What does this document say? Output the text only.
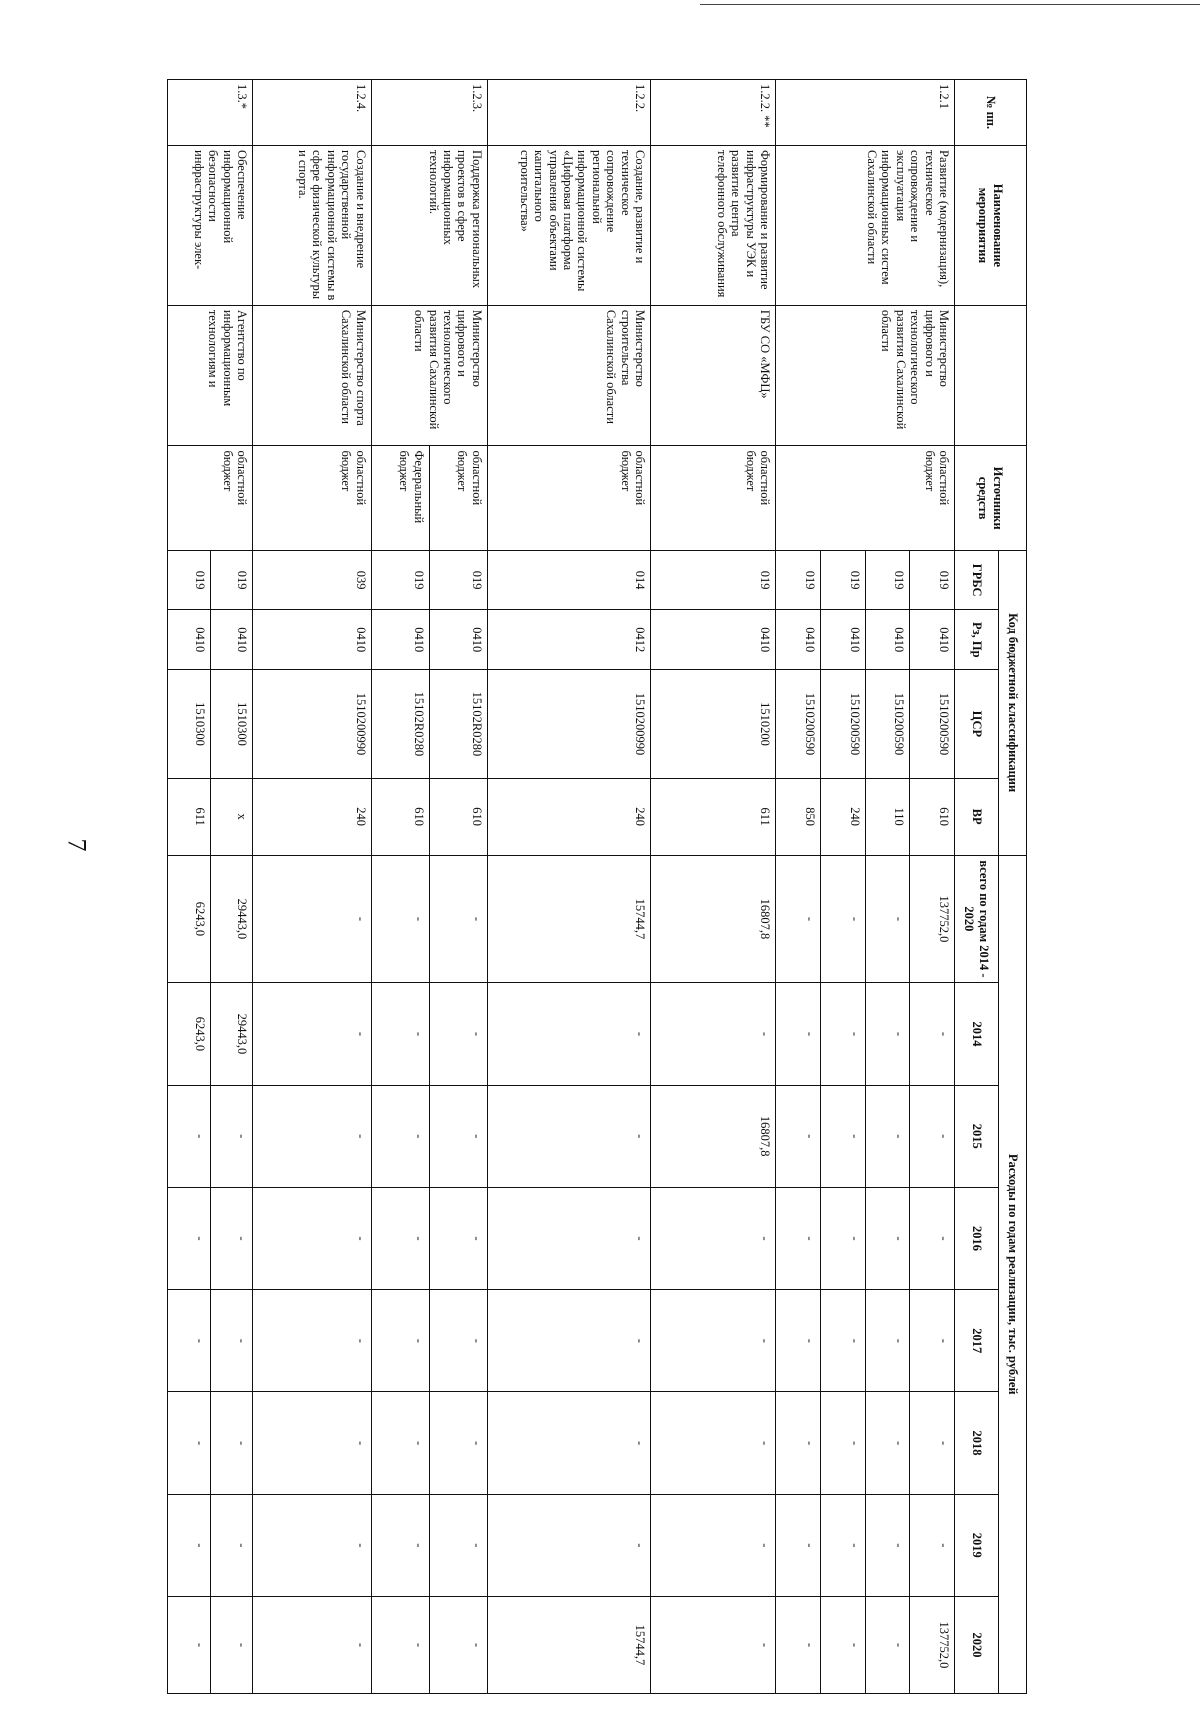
7
№ пп.	Наименование мероприятия		Источники средств	Код бюджетной классификации				Расходы по годам реализации, тыс. рублей							
				ГРБС	Рз, Пр	ЦСР	ВР	всего по годам 2014 - 2020	2014	2015	2016	2017	2018	2019	2020
1.2.1	Развитие (модернизация), техническое сопровождение и эксплуатация информационных систем Сахалинской области	Министерство цифрового и технологического развития Сахалинской области	областной бюджет	019	0410	1510200590	610	137752,0	-	-	-	-	-	-	137752,0
				019	0410	1510200590	110	-	-	-	-	-	-	-	-
				019	0410	1510200590	240	-	-	-	-	-	-	-	-
				019	0410	1510200590	850	-	-	-	-	-	-	-	-
1.2.2. **	Формирование и развитие инфраструктуры УЭК и развитие центра телефонного обслуживания	ГБУ СО «МФЦ»	областной бюджет	019	0410	1510200	611	16807,8	-	16807,8	-	-	-	-	-
1.2.2.	Создание, развитие и техническое сопровождение региональной информационной системы «Цифровая платформа управления объектами капитального строительства»	Министерство строительства Сахалинской области	областной бюджет	014	0412	1510200990	240	15744,7	-	-	-	-	-	-	15744,7
1.2.3.	Поддержка региональных проектов в сфере информационных технологий.	Министерство цифрового и технологического развития Сахалинской области	областной бюджет	019	0410	15102R0280	610	-	-	-	-	-	-	-	-
			Федеральный бюджет	019	0410	15102R0280	610	-	-	-	-	-	-	-	-
1.2.4.	Создание и внедрение государственной информационной системы в сфере физической культуры и спорта.	Министерство спорта Сахалинской области	областной бюджет	039	0410	1510200990	240	-	-	-	-	-	-	-	-
1.3.*	Обеспечение информационной безопасности инфраструктуры элек-	Агентство по информационным технологиям и	областной бюджет	019	0410	1510300	x	29443,0	29443,0	-	-	-	-	-	-
				019	0410	1510300	611	6243,0	6243,0	-	-	-	-	-	-
